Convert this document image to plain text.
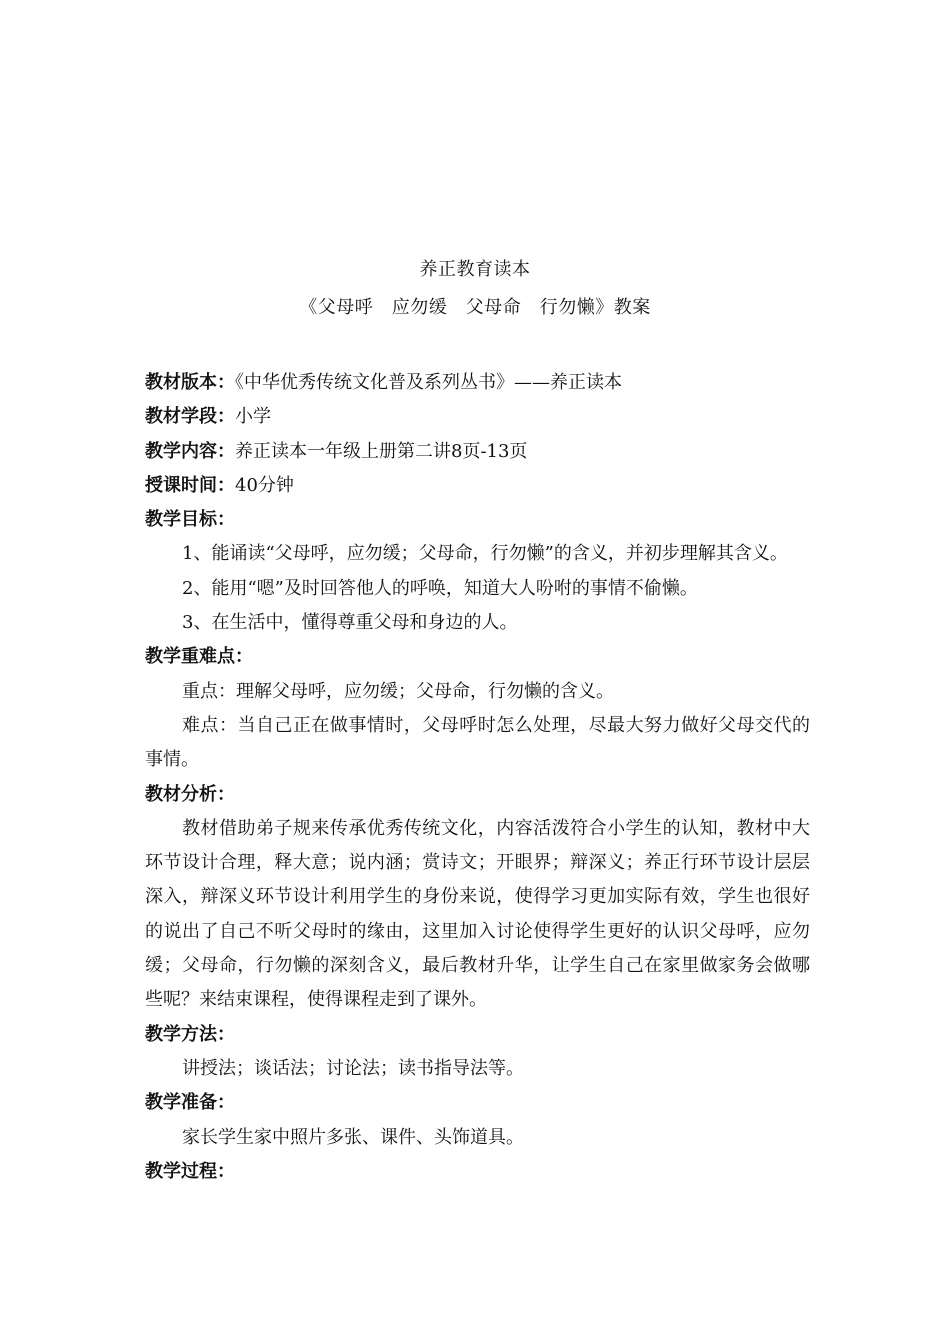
养正教育读本
《父母呼　应勿缓　父母命　行勿懒》教案
教材版本：《中华优秀传统文化普及系列丛书》——养正读本
教材学段：小学
教学内容：养正读本一年级上册第二讲8页-13页
授课时间：40分钟
教学目标：
1、能诵读“父母呼，应勿缓；父母命，行勿懒”的含义，并初步理解其含义。
2、能用“嗯”及时回答他人的呼唤，知道大人吩咐的事情不偷懒。
3、在生活中，懂得尊重父母和身边的人。
教学重难点：
重点：理解父母呼，应勿缓；父母命，行勿懒的含义。
难点：当自己正在做事情时，父母呼时怎么处理，尽最大努力做好父母交代的事情。
教材分析：
教材借助弟子规来传承优秀传统文化，内容活泼符合小学生的认知，教材中大环节设计合理，释大意；说内涵；赏诗文；开眼界；辩深义；养正行环节设计层层深入，辩深义环节设计利用学生的身份来说，使得学习更加实际有效，学生也很好的说出了自己不听父母时的缘由，这里加入讨论使得学生更好的认识父母呼，应勿缓；父母命，行勿懒的深刻含义，最后教材升华，让学生自己在家里做家务会做哪些呢？来结束课程，使得课程走到了课外。
教学方法：
讲授法；谈话法；讨论法；读书指导法等。
教学准备：
家长学生家中照片多张、课件、头饰道具。
教学过程：
